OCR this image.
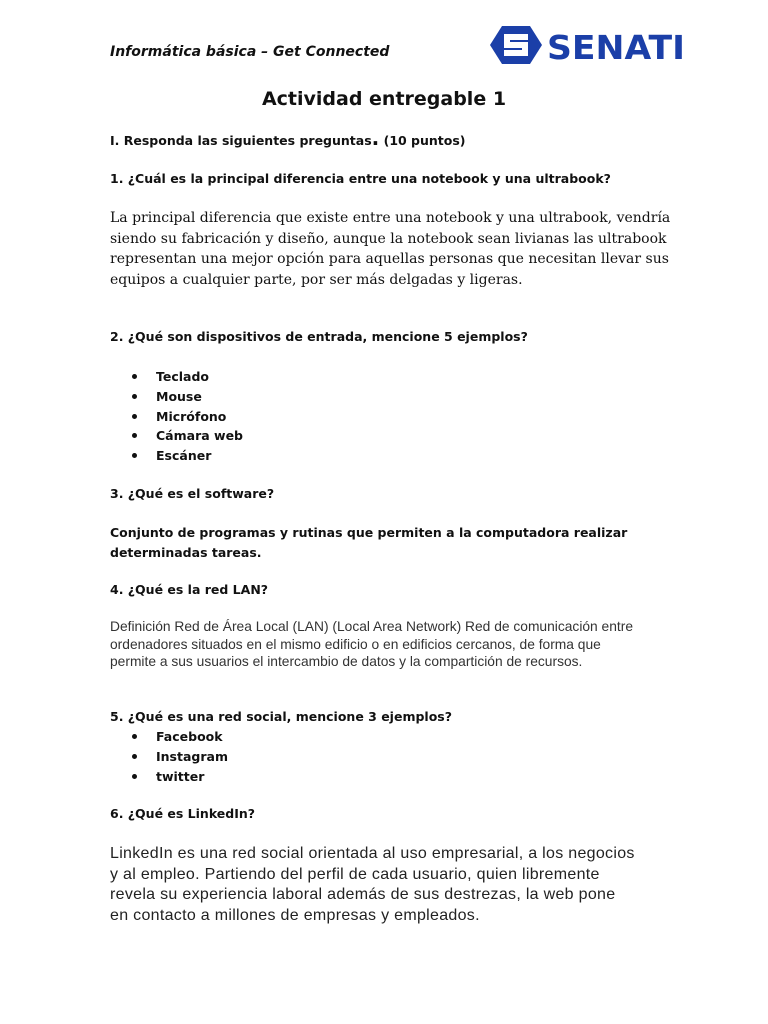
Informática básica – Get Connected	SENATI
Actividad entregable 1
I. Responda las siguientes preguntas. (10 puntos)
1. ¿Cuál es la principal diferencia entre una notebook y una ultrabook?
La principal diferencia que existe entre una notebook y una ultrabook, vendría
siendo su fabricación y diseño, aunque la notebook sean livianas las ultrabook
representan una mejor opción para aquellas personas que necesitan llevar sus
equipos a cualquier parte, por ser más delgadas y ligeras.
2. ¿Qué son dispositivos de entrada, mencione 5 ejemplos?
Teclado
Mouse
Micrófono
Cámara web
Escáner
3. ¿Qué es el software?
Conjunto de programas y rutinas que permiten a la computadora realizar
determinadas tareas.
4. ¿Qué es la red LAN?
Definición Red de Área Local (LAN) (Local Area Network) Red de comunicación entre
ordenadores situados en el mismo edificio o en edificios cercanos, de forma que
permite a sus usuarios el intercambio de datos y la compartición de recursos.
5. ¿Qué es una red social, mencione 3 ejemplos?
Facebook
Instagram
twitter
6. ¿Qué es LinkedIn?
LinkedIn es una red social orientada al uso empresarial, a los negocios
y al empleo. Partiendo del perfil de cada usuario, quien libremente
revela su experiencia laboral además de sus destrezas, la web pone
en contacto a millones de empresas y empleados.
